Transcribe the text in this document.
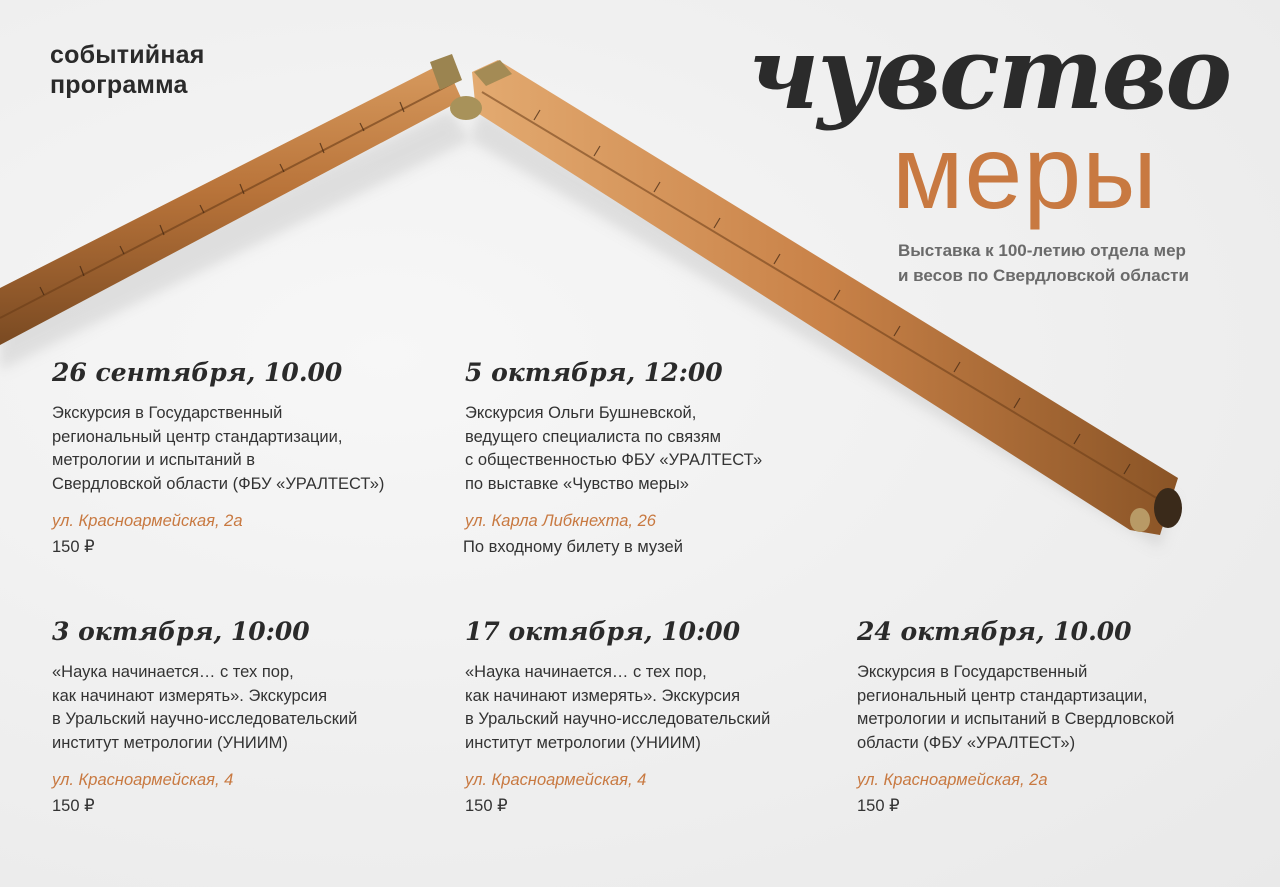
событийная
программа	чувство
меры
Выставка к 100-летию отдела мер
и весов по Свердловской области
26 сентября, 10.00
Экскурсия в Государственный
региональный центр стандартизации,
метрологии и испытаний в
Свердловской области (ФБУ «УРАЛТЕСТ»)
ул. Красноармейская, 2а
150 ₽
5 октября, 12:00
Экскурсия Ольги Бушневской,
ведущего специалиста по связям
с общественностью ФБУ «УРАЛТЕСТ»
по выставке «Чувство меры»
ул. Карла Либкнехта, 26
По входному билету в музей
3 октября, 10:00
«Наука начинается… с тех пор,
как начинают измерять». Экскурсия
в Уральский научно-исследовательский
институт метрологии (УНИИМ)
ул. Красноармейская, 4
150 ₽
17 октября, 10:00
«Наука начинается… с тех пор,
как начинают измерять». Экскурсия
в Уральский научно-исследовательский
институт метрологии (УНИИМ)
ул. Красноармейская, 4
150 ₽
24 октября, 10.00
Экскурсия в Государственный
региональный центр стандартизации,
метрологии и испытаний в Свердловской
области (ФБУ «УРАЛТЕСТ»)
ул. Красноармейская, 2а
150 ₽
